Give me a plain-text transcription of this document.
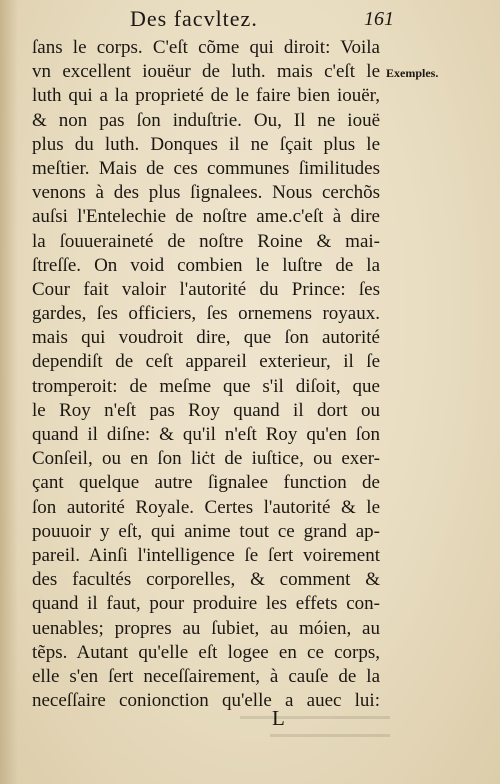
Des facvltez.	161
Exemples.
ſans le corps. C'eſt cõme qui diroit: Voila
vn excellent iouëur de luth. mais c'eſt le
luth qui a la proprieté de le faire bien iouër,
& non pas ſon induſtrie. Ou, Il ne iouë
plus du luth. Donques il ne ſçait plus le
meſtier. Mais de ces communes ſimilitudes
venons à des plus ſignalees. Nous cerchõs
auſsi l'Entelechie de noſtre ame.c'eſt à dire
la ſouueraineté de noſtre Roine & mai-
ſtreſſe. On void combien le luſtre de la
Cour fait valoir l'autorité du Prince: ſes
gardes, ſes officiers, ſes ornemens royaux.
mais qui voudroit dire, que ſon autorité
dependiſt de ceſt appareil exterieur, il ſe
tromperoit: de meſme que s'il diſoit, que
le Roy n'eſt pas Roy quand il dort ou
quand il diſne: & qu'il n'eſt Roy qu'en ſon
Conſeil, ou en ſon liċt de iuſtice, ou exer-
çant quelque autre ſignalee function de
ſon autorité Royale. Certes l'autorité & le
pouuoir y eſt, qui anime tout ce grand ap-
pareil. Ainſi l'intelligence ſe ſert voirement
des facultés corporelles, & comment &
quand il faut, pour produire les effets con-
uenables; propres au ſubiet, au móien, au
tẽps. Autant qu'elle eſt logee en ce corps,
elle s'en ſert neceſſairement, à cauſe de la
neceſſaire conionction qu'elle a auec lui:
L
